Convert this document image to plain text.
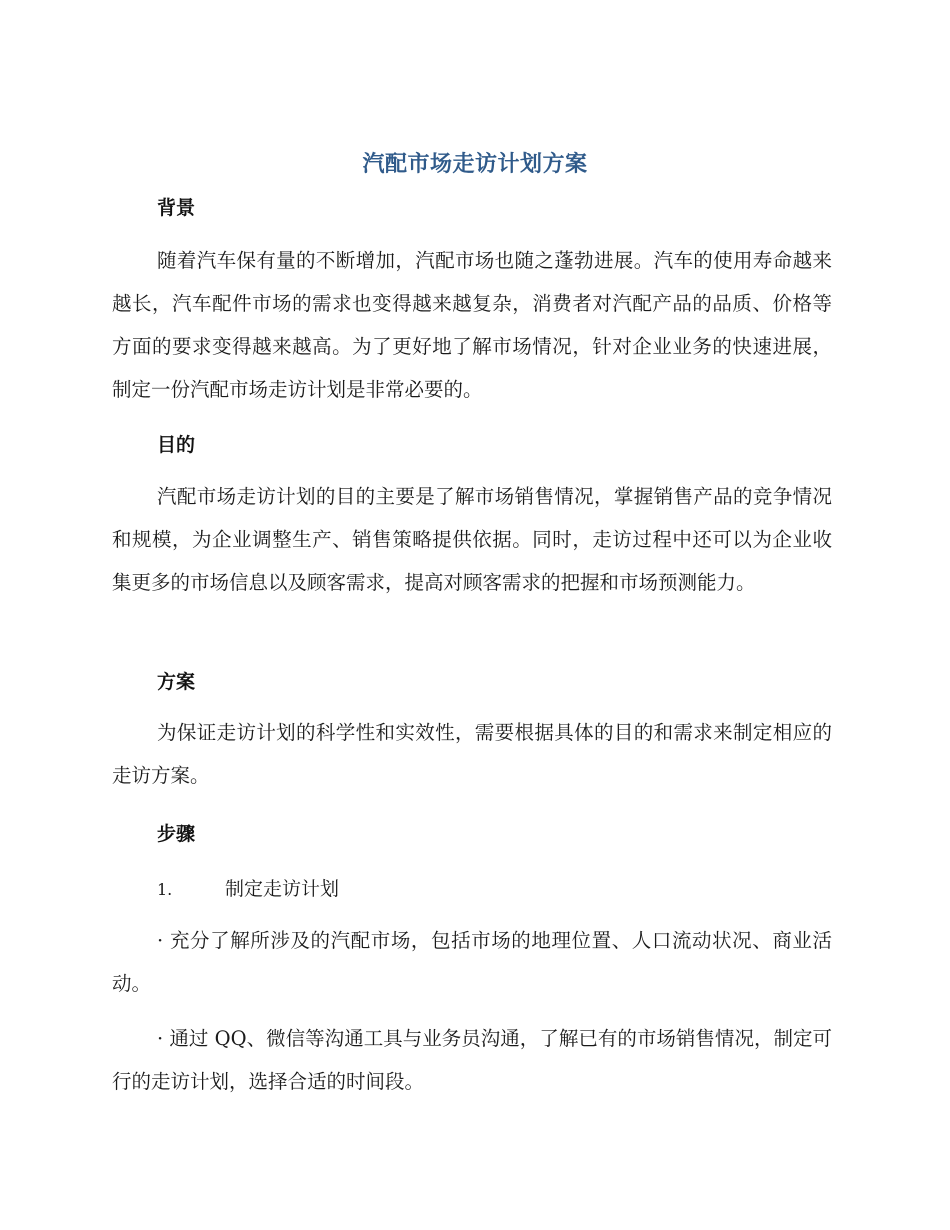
汽配市场走访计划方案
背景
随着汽车保有量的不断增加，汽配市场也随之蓬勃进展。汽车的使用寿命越来越长，汽车配件市场的需求也变得越来越复杂，消费者对汽配产品的品质、价格等方面的要求变得越来越高。为了更好地了解市场情况，针对企业业务的快速进展，制定一份汽配市场走访计划是非常必要的。
目的
汽配市场走访计划的目的主要是了解市场销售情况，掌握销售产品的竞争情况和规模，为企业调整生产、销售策略提供依据。同时，走访过程中还可以为企业收集更多的市场信息以及顾客需求，提高对顾客需求的把握和市场预测能力。
方案
为保证走访计划的科学性和实效性，需要根据具体的目的和需求来制定相应的走访方案。
步骤
1.	制定走访计划
· 充分了解所涉及的汽配市场，包括市场的地理位置、人口流动状况、商业活动。
· 通过 QQ、微信等沟通工具与业务员沟通，了解已有的市场销售情况，制定可行的走访计划，选择合适的时间段。
